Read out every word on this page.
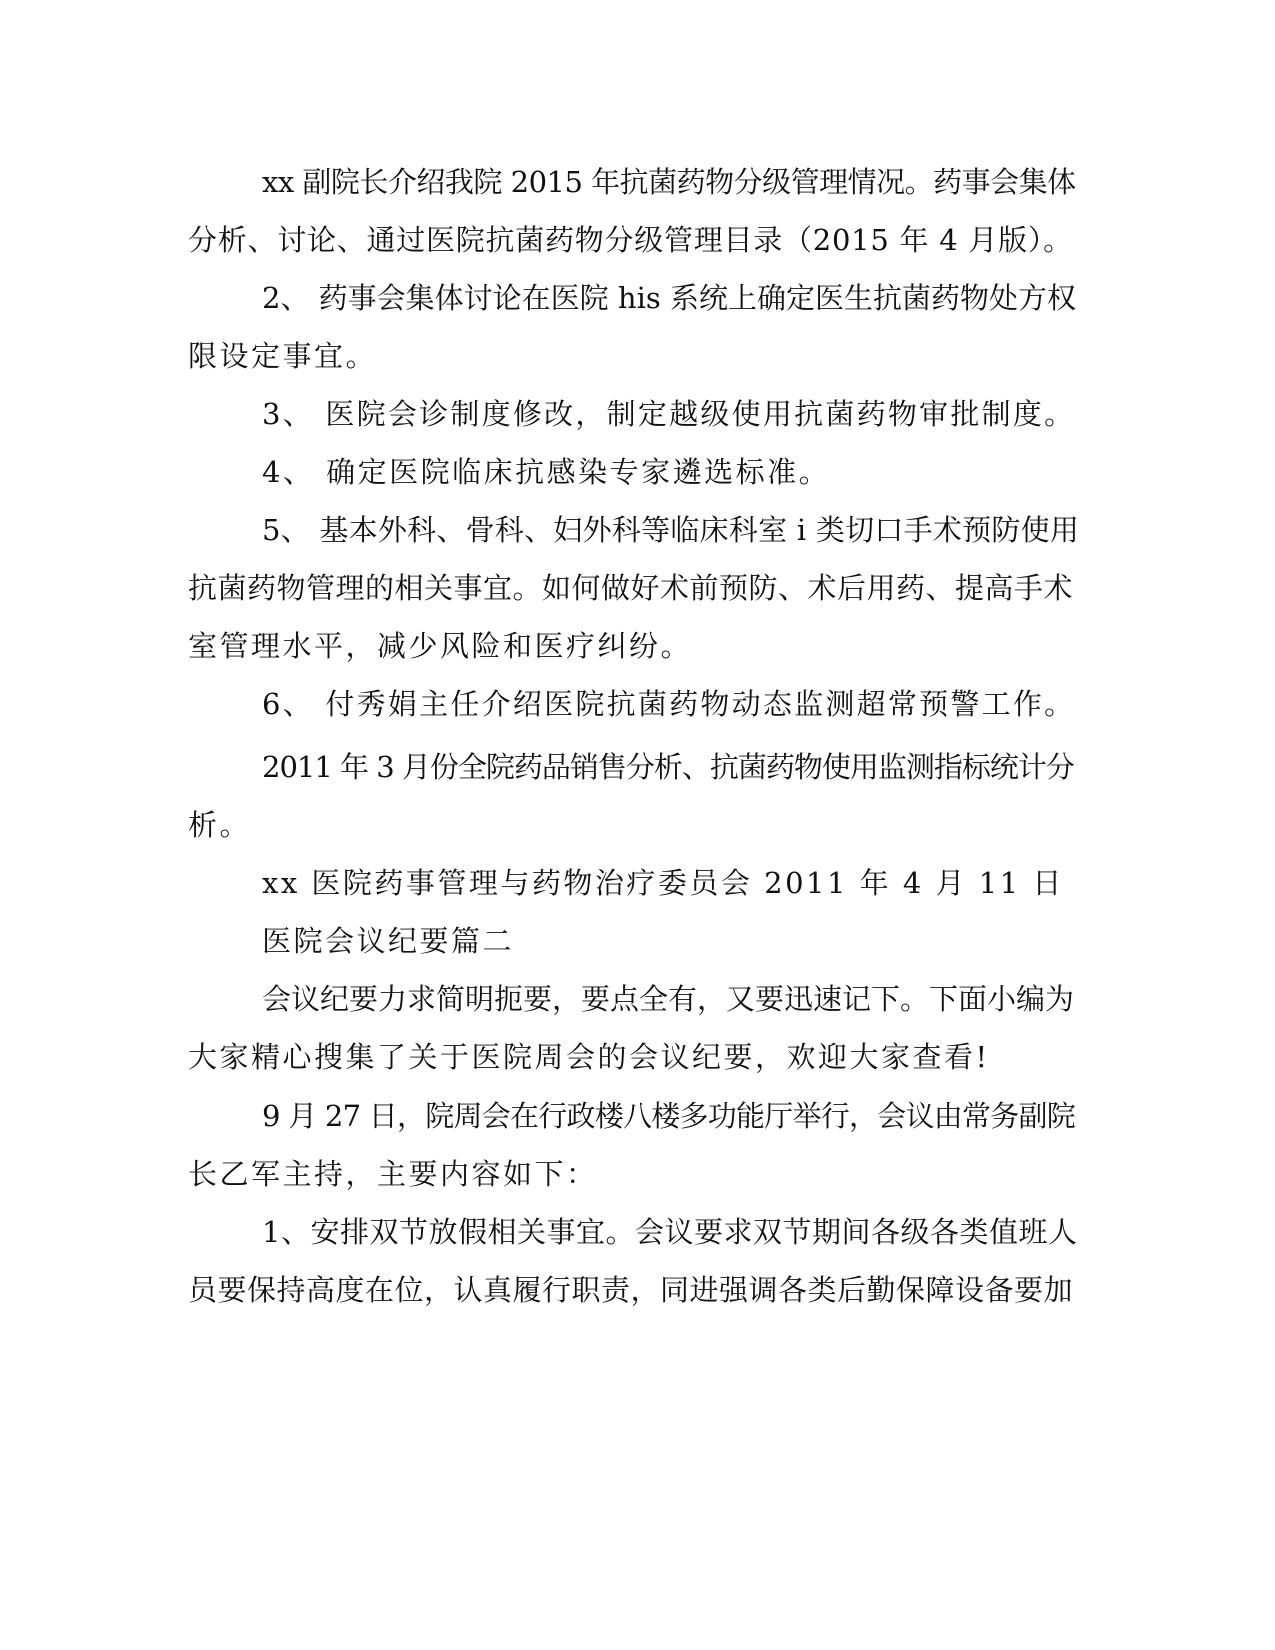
xx 副院长介绍我院 2015 年抗菌药物分级管理情况。药事会集体
分析、讨论、通过医院抗菌药物分级管理目录（2015 年 4 月版）。
2、 药事会集体讨论在医院 his 系统上确定医生抗菌药物处方权
限设定事宜。
3、 医院会诊制度修改，制定越级使用抗菌药物审批制度。
4、 确定医院临床抗感染专家遴选标准。
5、 基本外科、骨科、妇外科等临床科室 i 类切口手术预防使用
抗菌药物管理的相关事宜。如何做好术前预防、术后用药、提高手术
室管理水平，减少风险和医疗纠纷。
6、 付秀娟主任介绍医院抗菌药物动态监测超常预警工作。
2011 年 3 月份全院药品销售分析、抗菌药物使用监测指标统计分
析。
xx 医院药事管理与药物治疗委员会 2011 年 4 月 11 日
医院会议纪要篇二
会议纪要力求简明扼要，要点全有，又要迅速记下。下面小编为
大家精心搜集了关于医院周会的会议纪要，欢迎大家查看!
9 月 27 日，院周会在行政楼八楼多功能厅举行，会议由常务副院
长乙军主持，主要内容如下：
1、安排双节放假相关事宜。会议要求双节期间各级各类值班人
员要保持高度在位，认真履行职责，同进强调各类后勤保障设备要加
